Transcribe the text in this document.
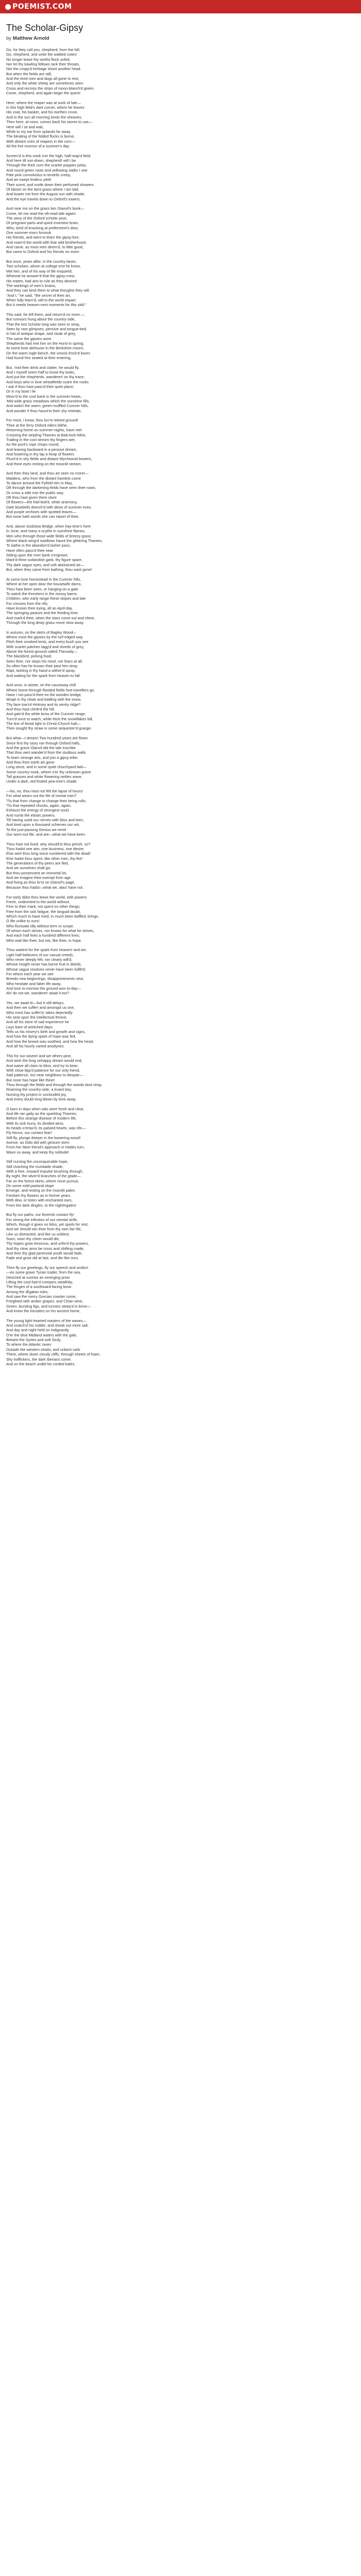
POEMIST.COM
The Scholar-Gipsy
by Matthew Arnold
Go, for they call you, shepherd, from the hill;
Go, shepherd, and untie the wattled cotes!
No longer leave thy wistful flock unfed,
Nor let thy bawling fellows rack their throats,
Nor the cropp'd herbage shoot another head.
But when the fields are still,
And the tired men and dogs all gone to rest,
And only the white sheep are sometimes seen
Cross and recross the strips of moon-blanch'd green.
Come, shepherd, and again begin the quest!
Here, where the reaper was at work of late—
In this high field's dark corner, where he leaves
His coat, his basket, and his earthen cruse,
And in the sun all morning binds the sheaves,
Then here, at noon, comes back his stores to use—
Here will I sit and wait,
While to my ear from uplands far away
The bleating of the folded flocks is borne,
With distant cries of reapers in the corn—
All the live murmur of a summer's day.
Screen'd is this nook o'er the high, half-reap'd field,
And here till sun-down, shepherd! will I be.
Through the thick corn the scarlet poppies peep,
And round green roots and yellowing stalks I see
Pale pink convolvulus in tendrils creep;
And air-swept lindens yield
Their scent, and rustle down their perfumed showers
Of bloom on the bent grass where I am laid,
And bower me from the August sun with shade;
And the eye travels down to Oxford's towers.
And near me on the grass lies Glanvil's book—
Come, let me read the oft-read tale again!
The story of the Oxford scholar poor,
Of pregnant parts and quick inventive brain,
Who, tired of knocking at preferment's door,
One summer-morn forsook
His friends, and went to learn the gipsy-lore,
And roam'd the world with that wild brotherhood,
And came, as most men deem'd, to little good,
But came to Oxford and his friends no more.
But once, years after, in the country-lanes,
Two scholars, whom at college erst he knew,
Met him, and of his way of life enquired;
Whereat he answer'd that the gipsy-crew,
His mates, had arts to rule as they desired
The workings of men's brains,
And they can bind them to what thoughts they will.
"And I," he said, "the secret of their art,
When fully learn'd, will to the world impart;
But it needs heaven-sent moments for this skill."
This said, he left them, and return'd no more.—
But rumours hung about the country-side,
That the lost Scholar long was seen to stray,
Seen by rare glimpses, pensive and tongue-tied,
In hat of antique shape, and cloak of grey,
The same the gipsies wore.
Shepherds had met him on the Hurst in spring;
At some lone alehouse in the Berkshire moors,
On the warm ingle-bench, the smock-frock'd boors
Had found him seated at their entering,
But, 'mid their drink and clatter, he would fly.
And I myself seem half to know thy looks,
And put the shepherds, wanderer! on thy trace;
And boys who in lone wheatfields scare the rooks
I ask if thou hast pass'd their quiet place;
Or in my boat I lie
Moor'd to the cool bank in the summer-heats,
'Mid wide grass meadows which the sunshine fills,
And watch the warm, green-muffled Cumner hills,
And wonder if thou haunt'st their shy retreats.
For most, I know, thou lov'st retired ground!
Thee at the ferry Oxford riders blithe,
Returning home on summer-nights, have met
Crossing the stripling Thames at Bab-lock-hithe,
Trailing in the cool stream thy fingers wet,
As the punt's rope chops round;
And leaning backward in a pensive dream,
And fostering in thy lap a heap of flowers
Pluck'd in shy fields and distant Wychwood bowers,
And thine eyes resting on the moonlit stream.
And then they land, and thou art seen no more!—
Maidens, who from the distant hamlets come
To dance around the Fyfield elm in May,
Oft through the darkening fields have seen thee roam,
Or cross a stile into the public way.
Oft thou hast given them store
Of flowers—the frail-leaf'd, white anemony,
Dark bluebells drench'd with dews of summer eves,
And purple orchises with spotted leaves—
But none hath words she can report of thee.
And, above Godstow Bridge, when hay-time's here
In June, and many a scythe in sunshine flames,
Men who through those wide fields of breezy grass
Where black-wing'd swallows haunt the glittering Thames,
To bathe in the abandon'd lasher pass,
Have often pass'd thee near
Sitting upon the river bank o'ergrown;
Mark'd thine outlandish garb, thy figure spare,
Thy dark vague eyes, and soft abstracted air—
But, when they came from bathing, thou wast gone!
At some lone homestead in the Cumner hills,
Where at her open door the housewife darns,
Thou hast been seen, or hanging on a gate
To watch the threshers in the mossy barns.
Children, who early range these slopes and late
For cresses from the rills,
Have known thee eying, all an April-day,
The springing pasture and the feeding kine;
And mark'd thee, when the stars come out and shine,
Through the long dewy grass move slow away.
In autumn, on the skirts of Bagley Wood—
Where most the gipsies by the turf-edged way
Pitch their smoked tents, and every bush you see
With scarlet patches tagg'd and shreds of grey,
Above the forest-ground called Thessaly—
The blackbird, picking food,
Sees thee, nor stops his meal, nor fears at all;
So often has he known thee past him stray,
Rapt, twirling in thy hand a wither'd spray,
And waiting for the spark from heaven to fall.
And once, in winter, on the causeway chill
Where home through flooded fields foot-travellers go,
Have I not pass'd thee on the wooden bridge,
Wrapt in thy cloak and battling with the snow,
Thy face tow'rd Hinksey and its wintry ridge?
And thou hast climb'd the hill,
And gain'd the white brow of the Cumner range;
Turn'd once to watch, while thick the snowflakes fall,
The line of festal light in Christ-Church hall—
Then sought thy straw in some sequester'd grange.
But what—I dream! Two hundred years are flown
Since first thy story ran through Oxford halls,
And the grave Glanvil did the tale inscribe
That thou wert wander'd from the studious walls
To learn strange arts, and join a gipsy-tribe;
And thou from earth art gone
Long since, and in some quiet churchyard laid—
Some country-nook, where o'er thy unknown grave
Tall grasses and white flowering nettles wave,
Under a dark, red-fruited yew-tree's shade.
—No, no, thou hast not felt the lapse of hours!
For what wears out the life of mortal men?
'Tis that from change to change their being rolls;
'Tis that repeated shocks, again, again,
Exhaust the energy of strongest souls
And numb the elastic powers.
Till having used our nerves with bliss and teen,
And tired upon a thousand schemes our wit,
To the just-pausing Genius we remit
Our worn-out life, and are—what we have been.
Thou hast not lived, why should'st thou perish, so?
Thou hadst one aim, one business, one desire;
Else wert thou long since numbered with the dead!
Else hadst thou spent, like other men, thy fire!
The generations of thy peers are fled,
And we ourselves shall go;
But thou possessest an immortal lot,
And we imagine thee exempt from age
And living as thou liv'st on Glanvil's page,
Because thou hadst—what we, alas! have not.
For early didst thou leave the world, with powers
Fresh, undiverted to the world without,
Firm to their mark, not spent on other things;
Free from the sick fatigue, the languid doubt,
Which much to have tried, in much been baffled, brings.
O life unlike to ours!
Who fluctuate idly without term or scope,
Of whom each strives, nor knows for what he strives,
And each half lives a hundred different lives;
Who wait like thee, but not, like thee, in hope.
Thou waitest for the spark from heaven! and we,
Light half-believers of our casual creeds,
Who never deeply felt, nor clearly will'd,
Whose insight never has borne fruit in deeds,
Whose vague resolves never have been fulfill'd;
For whom each year we see
Breeds new beginnings, disappointments new;
Who hesitate and falter life away,
And lose to-morrow the ground won to-day—
Ah! do not we, wanderer! await it too?
Yes, we await it!—but it still delays,
And then we suffer! and amongst us one,
Who most has suffer'd, takes dejectedly
His seat upon the intellectual throne;
And all his store of sad experience he
Lays bare of wretched days;
Tells us his misery's birth and growth and signs,
And how the dying spark of hope was fed,
And how the breast was soothed, and how the head,
And all his hourly varied anodynes.
This for our wisest! and we others pine,
And wish the long unhappy dream would end,
And waive all claim to bliss, and try to bear;
With close-lipp'd patience for our only friend,
Sad patience, too near neighbour to despair—
But none has hope like thine!
Thou through the fields and through the woods dost stray,
Roaming the country-side, a truant boy,
Nursing thy project in unclouded joy,
And every doubt long blown by time away.
O born in days when wits were fresh and clear,
And life ran gaily as the sparkling Thames;
Before this strange disease of modern life,
With its sick hurry, its divided aims,
Its heads o'ertax'd, its palsied hearts, was rife—
Fly hence, our contact fear!
Still fly, plunge deeper in the bowering wood!
Averse, as Dido did with gesture stern
From her false friend's approach in Hades turn,
Wave us away, and keep thy solitude!
Still nursing the unconquerable hope,
Still clutching the inviolable shade,
With a free, onward impulse brushing through,
By night, the silver'd branches of the glade—
Far on the forest-skirts, where none pursue,
On some mild pastoral slope
Emerge, and resting on the moonlit pales
Freshen thy flowers as in former years
With dew, or listen with enchanted ears,
From the dark dingles, to the nightingales!
But fly our paths, our feverish contact fly!
For strong the infection of our mental strife,
Which, though it gives no bliss, yet spoils for rest;
And we should win thee from thy own fair life,
Like us distracted, and like us unblest.
Soon, soon thy cheer would die,
Thy hopes grow timorous, and unfix'd thy powers,
And thy clear aims be cross and shifting made;
And then thy glad perennial youth would fade,
Fade and grow old at last, and die like ours.
Then fly our greetings, fly our speech and smiles!
—As some grave Tyrian trader, from the sea,
Descried at sunrise an emerging prow
Lifting the cool-hair'd creepers stealthily,
The fringes of a southward-facing brow
Among the Ægæan isles;
And saw the merry Grecian coaster come,
Freighted with amber grapes, and Chian wine,
Green, bursting figs, and tunnies steep'd in brine—
And knew the intruders on his ancient home,
The young light-hearted masters of the waves—
And snatch'd his rudder, and shook out more sail;
And day and night held on indignantly
O'er the blue Midland waters with the gale,
Betwixt the Syrtes and soft Sicily,
To where the Atlantic raves
Outside the western straits; and unbent sails
There, where down cloudy cliffs, through sheets of foam,
Shy traffickers, the dark Iberians come;
And on the beach undid his corded bales.
